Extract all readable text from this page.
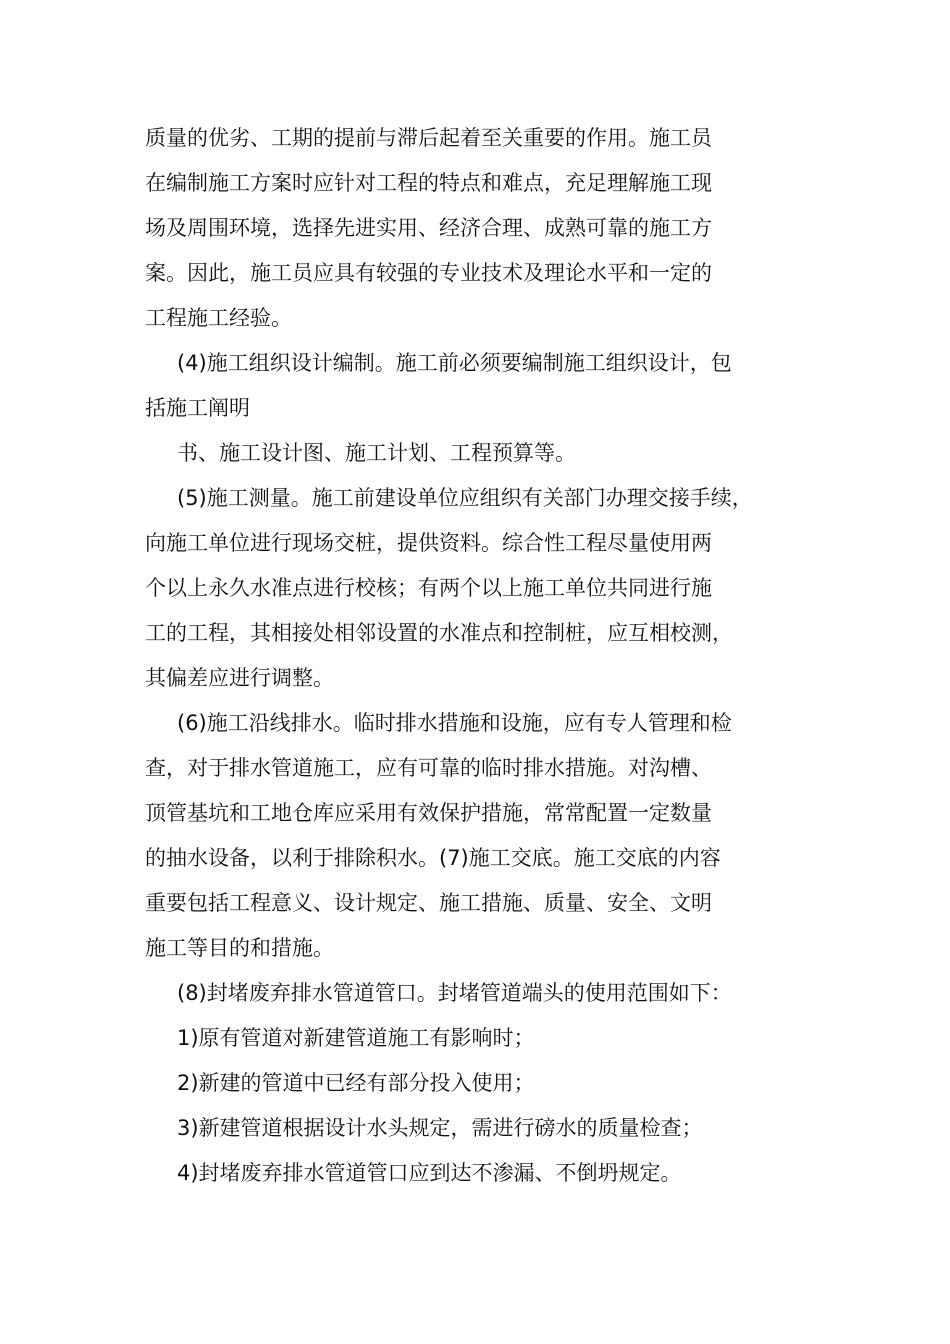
质量的优劣、工期的提前与滞后起着至关重要的作用。施工员
在编制施工方案时应针对工程的特点和难点，充足理解施工现
场及周围环境，选择先进实用、经济合理、成熟可靠的施工方
案。因此，施工员应具有较强的专业技术及理论水平和一定的
工程施工经验。
(4)施工组织设计编制。施工前必须要编制施工组织设计，包
括施工阐明
书、施工设计图、施工计划、工程预算等。
(5)施工测量。施工前建设单位应组织有关部门办理交接手续，
向施工单位进行现场交桩，提供资料。综合性工程尽量使用两
个以上永久水准点进行校核；有两个以上施工单位共同进行施
工的工程，其相接处相邻设置的水准点和控制桩，应互相校测，
其偏差应进行调整。
(6)施工沿线排水。临时排水措施和设施，应有专人管理和检
查，对于排水管道施工，应有可靠的临时排水措施。对沟槽、
顶管基坑和工地仓库应采用有效保护措施，常常配置一定数量
的抽水设备，以利于排除积水。(7)施工交底。施工交底的内容
重要包括工程意义、设计规定、施工措施、质量、安全、文明
施工等目的和措施。
(8)封堵废弃排水管道管口。封堵管道端头的使用范围如下：
1)原有管道对新建管道施工有影响时；
2)新建的管道中已经有部分投入使用；
3)新建管道根据设计水头规定，需进行磅水的质量检查；
4)封堵废弃排水管道管口应到达不渗漏、不倒坍规定。
